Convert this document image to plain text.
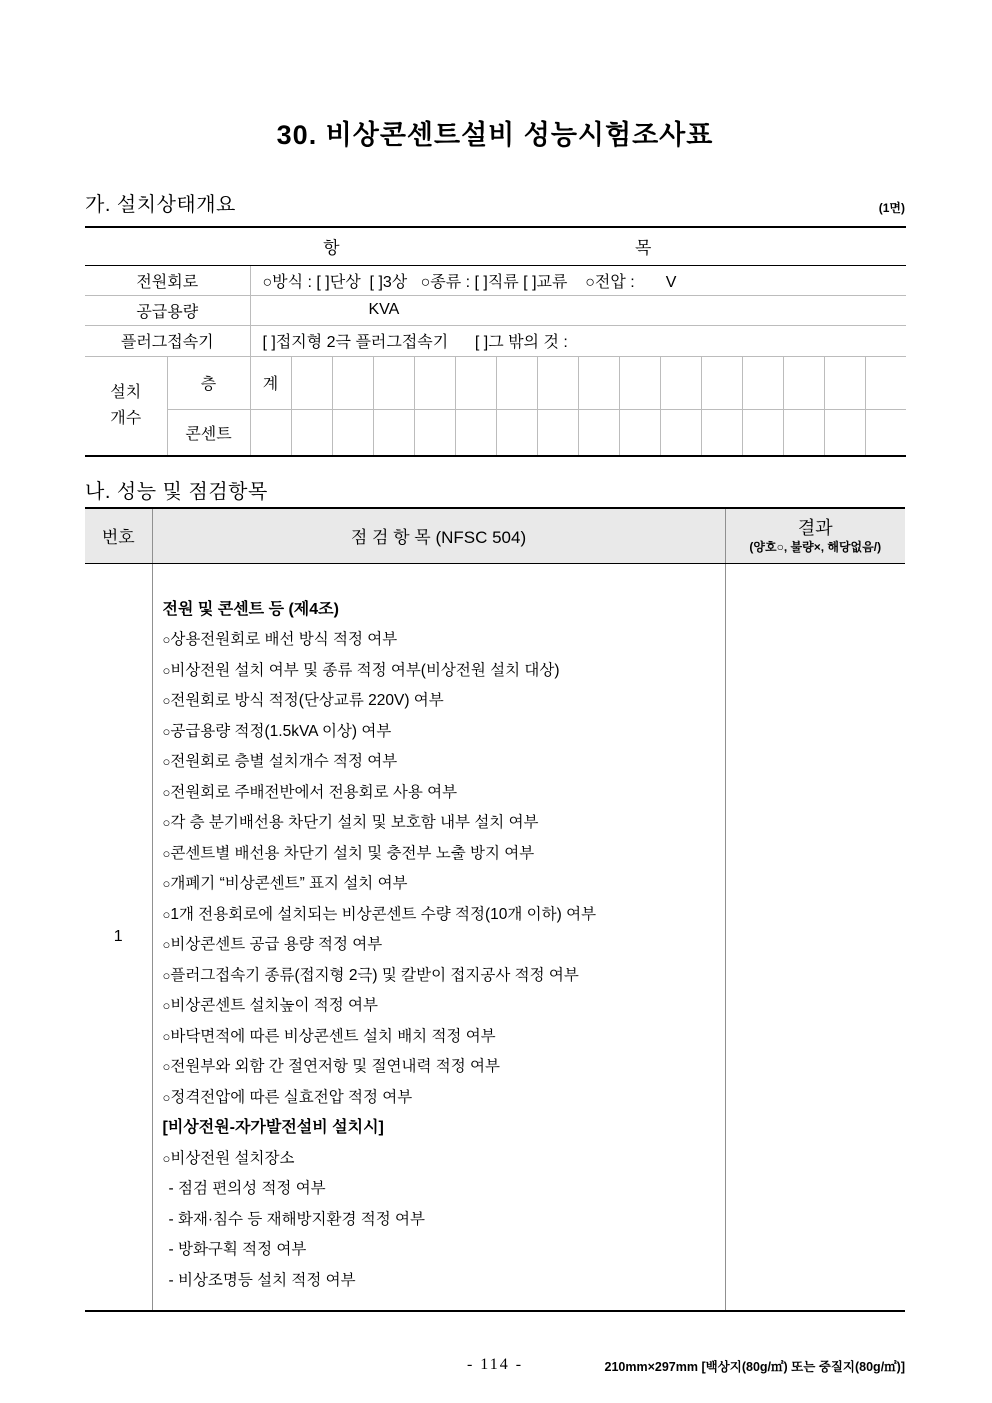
30. 비상콘센트설비 성능시험조사표
가. 설치상태개요	(1면)
항 목																	

전원회로		○방식 : [ ]단상  [ ]3상   ○종류 : [ ]직류 [ ]교류    ○전압 :       V															
공급용량		KVA															
플러그접속기		[ ]접지형 2극 플러그접속기      [ ]그 밖의 것 :															

설치
개수	층	계															
	콘센트																
나. 성능 및 점검항목
번호	점 검 항 목 (NFSC 504)	결과
(양호○, 불량×, 해당없음/)

1	
전원 및 콘센트 등 (제4조)
○상용전원회로 배선 방식 적정 여부
○비상전원 설치 여부 및 종류 적정 여부(비상전원 설치 대상)
○전원회로 방식 적정(단상교류 220V) 여부
○공급용량 적정(1.5kVA 이상) 여부
○전원회로 층별 설치개수 적정 여부
○전원회로 주배전반에서 전용회로 사용 여부
○각 층 분기배선용 차단기 설치 및 보호함 내부 설치 여부
○콘센트별 배선용 차단기 설치 및 충전부 노출 방지 여부
○개폐기 “비상콘센트” 표지 설치 여부
○1개 전용회로에 설치되는 비상콘센트 수량 적정(10개 이하) 여부
○비상콘센트 공급 용량 적정 여부
○플러그접속기 종류(접지형 2극) 및 칼받이 접지공사 적정 여부
○비상콘센트 설치높이 적정 여부
○바닥면적에 따른 비상콘센트 설치 배치 적정 여부
○전원부와 외함 간 절연저항 및 절연내력 적정 여부
○정격전압에 따른 실효전압 적정 여부
[비상전원-자가발전설비 설치시]
○비상전원 설치장소
- 점검 편의성 적정 여부
- 화재·침수 등 재해방지환경 적정 여부
- 방화구획 적정 여부
- 비상조명등 설치 적정 여부

- 114 -	210mm×297mm [백상지(80g/㎡) 또는 중질지(80g/㎡)]
